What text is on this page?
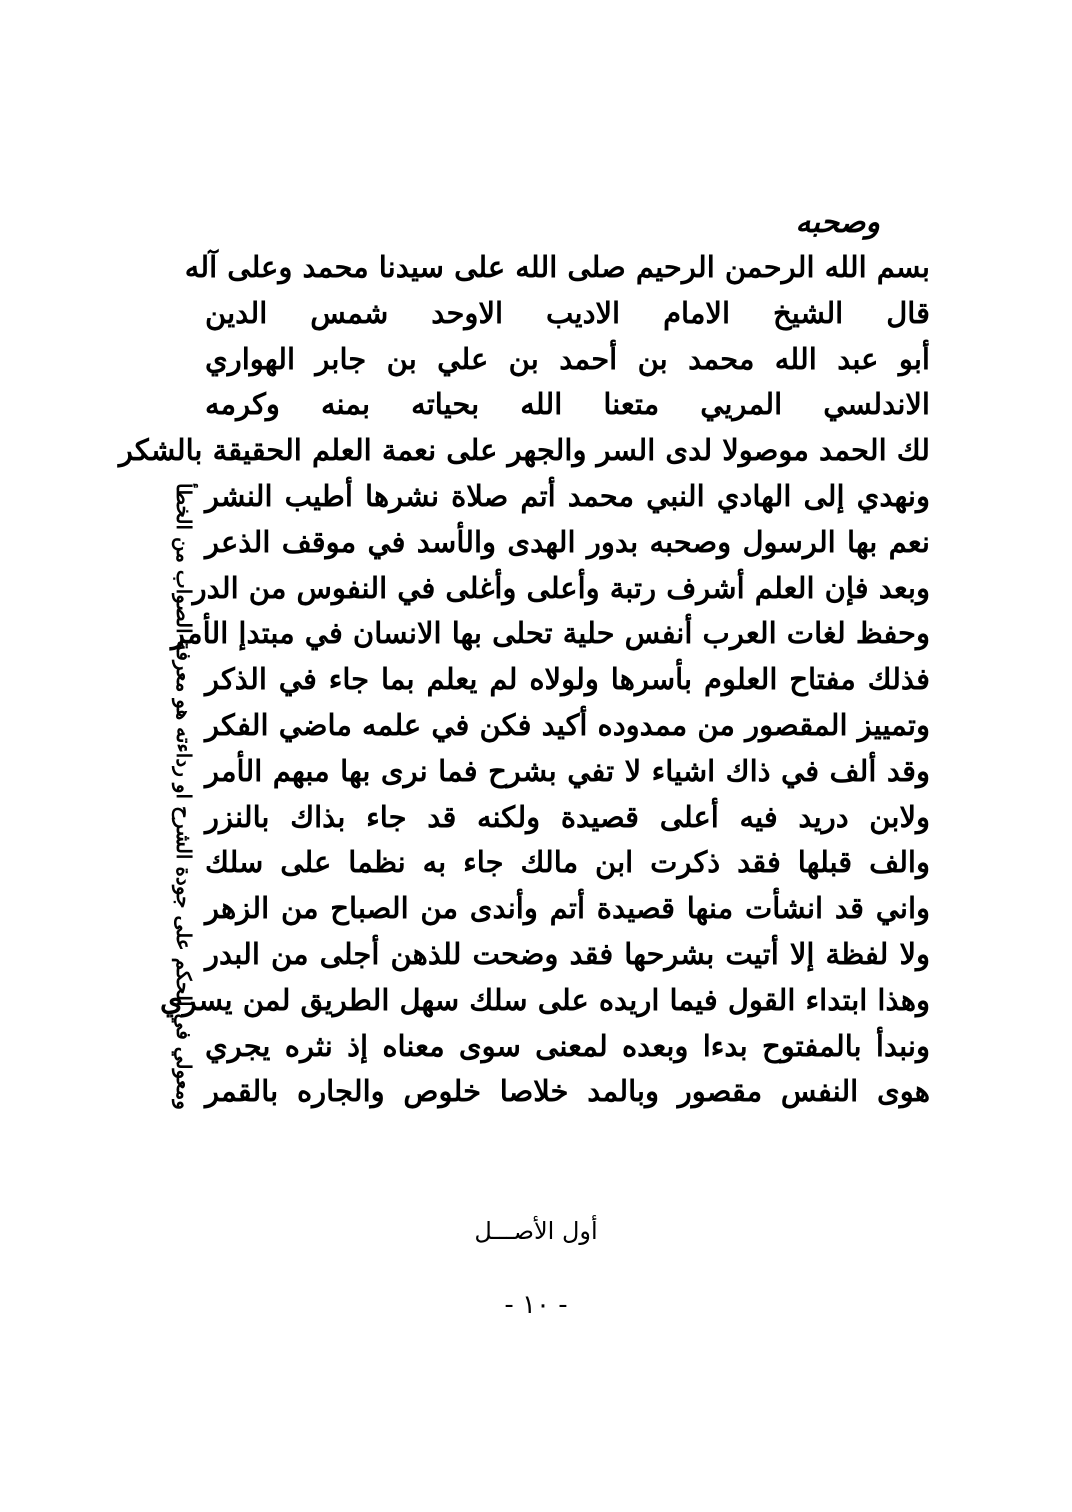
وصحبه
ومعولي في الحكم على جودة الشرح او رداءته هو معرفة الصواب من الخطأ
بسم الله الرحمن الرحيم صلى الله على سيدنا محمد وعلى آله
قال الشيخ الامام الاديب الاوحد شمس الدين
أبو عبد الله محمد بن أحمد بن علي بن جابر الهواري
الاندلسي المريي متعنا الله بحياته بمنه وكرمه
لك الحمد موصولا لدى السر والجهر على نعمة العلم الحقيقة بالشكر
ونهدي إلى الهادي النبي محمد أتم صلاة نشرها أطيب النشر
نعم بها الرسول وصحبه بدور الهدى والأسد في موقف الذعر
وبعد فإن العلم أشرف رتبة وأعلى وأغلى في النفوس من الدر
وحفظ لغات العرب أنفس حلية تحلى بها الانسان في مبتدإ الأمر
فذلك مفتاح العلوم بأسرها ولولاه لم يعلم بما جاء في الذكر
وتمييز المقصور من ممدوده أكيد فكن في علمه ماضي الفكر
وقد ألف في ذاك اشياء لا تفي بشرح فما نرى بها مبهم الأمر
ولابن دريد فيه أعلى قصيدة ولكنه قد جاء بذاك بالنزر
والف قبلها فقد ذكرت ابن مالك جاء به نظما على سلك
واني قد انشأت منها قصيدة أتم وأندى من الصباح من الزهر
ولا لفظة إلا أتيت بشرحها فقد وضحت للذهن أجلى من البدر
وهذا ابتداء القول فيما اريده على سلك سهل الطريق لمن يسري
ونبدأ بالمفتوح بدءا وبعده لمعنى سوى معناه إذ نثره يجري
هوى النفس مقصور وبالمد خلاصا خلوص والجاره بالقمر
أول الأصـــل
- ١٠ -
